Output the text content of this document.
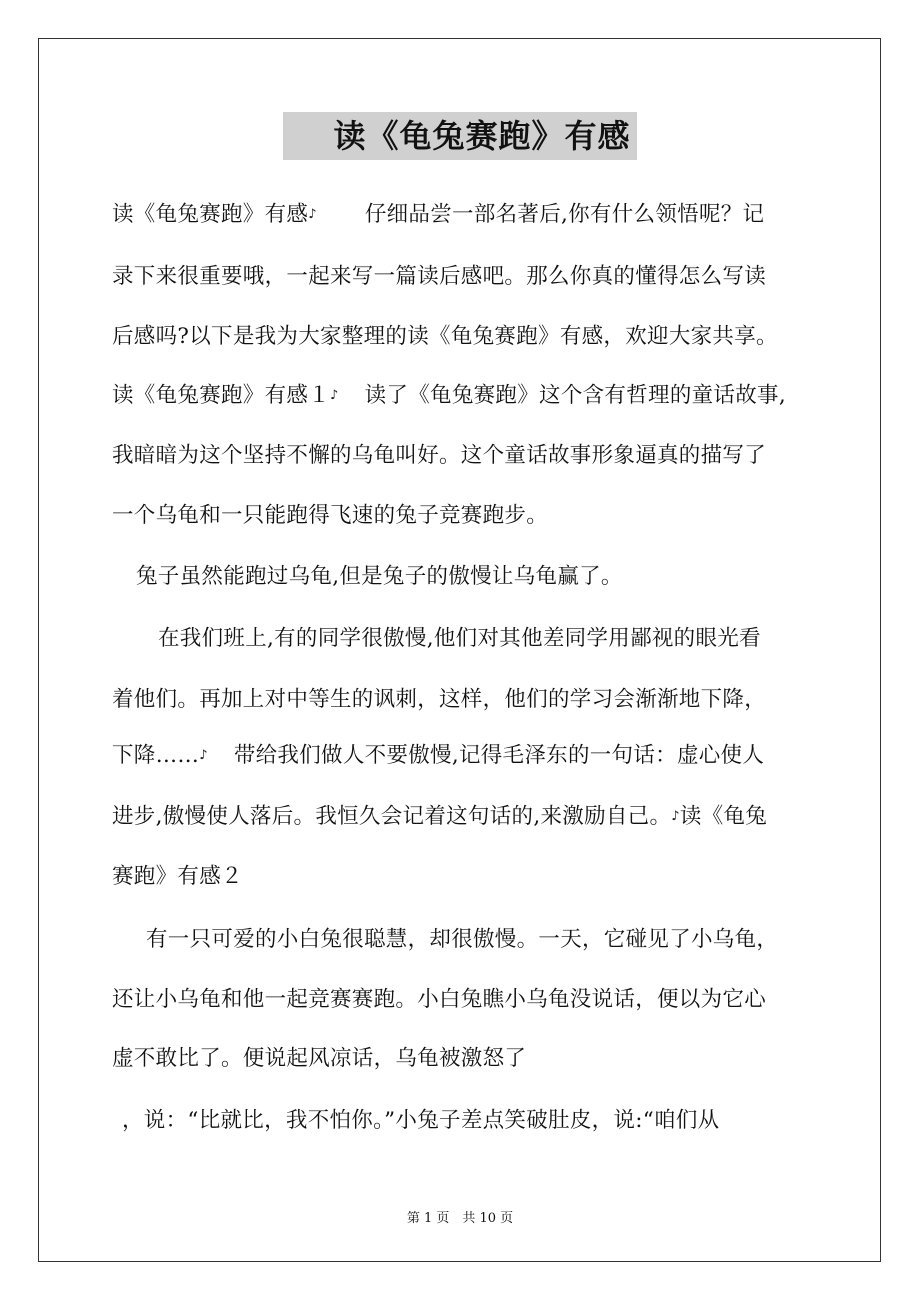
读《龟兔赛跑》有感
读《龟兔赛跑》有感♪ 仔细品尝一部名著后,你有什么领悟呢？记
录下来很重要哦，一起来写一篇读后感吧。那么你真的懂得怎么写读
后感吗?以下是我为大家整理的读《龟兔赛跑》有感，欢迎大家共享。
读《龟兔赛跑》有感１♪ 读了《龟兔赛跑》这个含有哲理的童话故事,
我暗暗为这个坚持不懈的乌龟叫好。这个童话故事形象逼真的描写了
一个乌龟和一只能跑得飞速的兔子竞赛跑步。
兔子虽然能跑过乌龟,但是兔子的傲慢让乌龟赢了。
在我们班上,有的同学很傲慢,他们对其他差同学用鄙视的眼光看
着他们。再加上对中等生的讽刺，这样，他们的学习会渐渐地下降，
下降……♪ 带给我们做人不要傲慢,记得毛泽东的一句话：虚心使人
进步,傲慢使人落后。我恒久会记着这句话的,来激励自己。♪读《龟兔
赛跑》有感２
有一只可爱的小白兔很聪慧，却很傲慢。一天，它碰见了小乌龟，
还让小乌龟和他一起竞赛赛跑。小白兔瞧小乌龟没说话，便以为它心
虚不敢比了。便说起风凉话，乌龟被激怒了
，说：“比就比，我不怕你。”小兔子差点笑破肚皮，说:“咱们从
第 1 页　共 10 页
